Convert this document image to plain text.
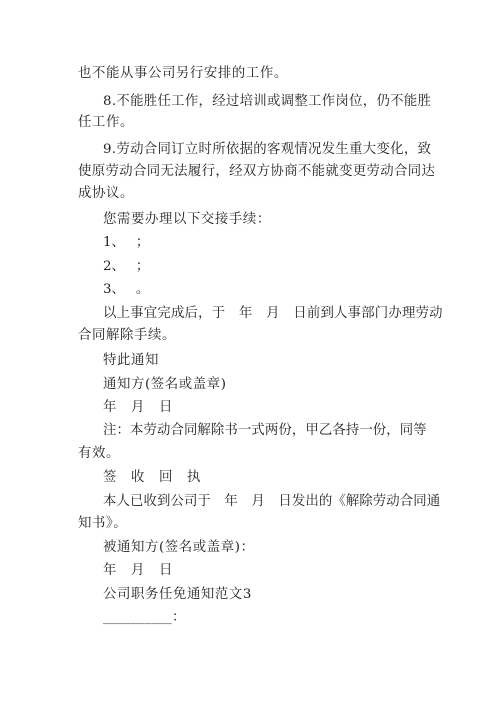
也不能从事公司另行安排的工作。
8.不能胜任工作，经过培训或调整工作岗位，仍不能胜
任工作。
9.劳动合同订立时所依据的客观情况发生重大变化，致
使原劳动合同无法履行，经双方协商不能就变更劳动合同达
成协议。
您需要办理以下交接手续：
1、　 ；
2、　 ；
3、　 。
以上事宜完成后，于　年　月　日前到人事部门办理劳动
合同解除手续。
特此通知
通知方(签名或盖章)
年　月　日
注：本劳动合同解除书一式两份，甲乙各持一份，同等
有效。
签　收　回　执
本人已收到公司于　年　月　日发出的《解除劳动合同通
知书》。
被通知方(签名或盖章)：
年　月　日
公司职务任免通知范文3
__________：
